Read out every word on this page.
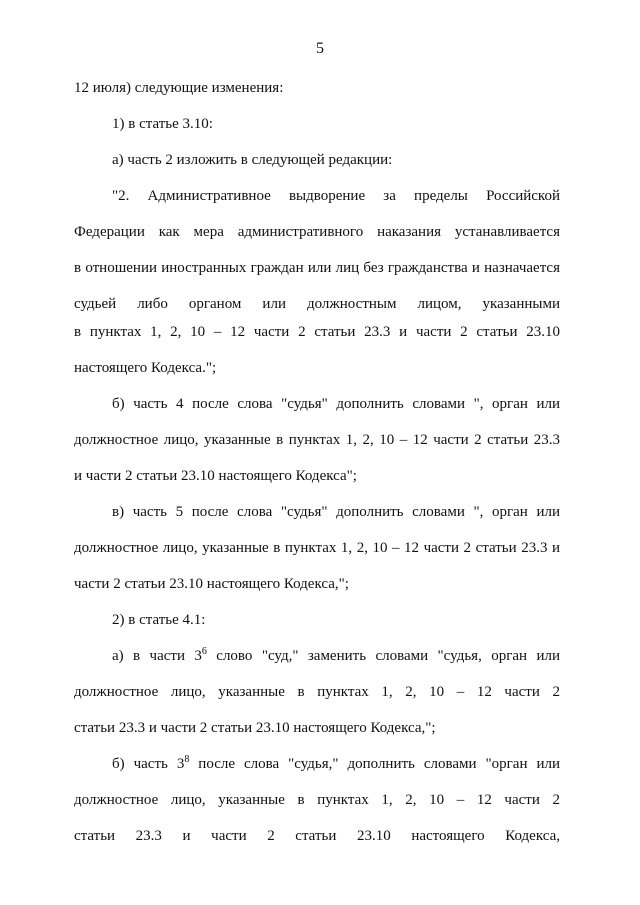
5
12 июля) следующие изменения:
1) в статье 3.10:
а) часть 2 изложить в следующей редакции:
"2. Административное выдворение за пределы Российской
Федерации как мера административного наказания устанавливается
в отношении иностранных граждан или лиц без гражданства и назначается
судьей либо органом или должностным лицом, указанными
в пунктах 1, 2, 10 – 12 части 2 статьи 23.3 и части 2 статьи 23.10
настоящего Кодекса.";
б) часть 4 после слова "судья" дополнить словами ", орган или
должностное лицо, указанные в пунктах 1, 2, 10 – 12 части 2 статьи 23.3
и части 2 статьи 23.10 настоящего Кодекса";
в) часть 5 после слова "судья" дополнить словами ", орган или
должностное лицо, указанные в пунктах 1, 2, 10 – 12 части 2 статьи 23.3 и
части 2 статьи 23.10 настоящего Кодекса,";
2) в статье 4.1:
а) в части $3^6$ слово "суд," заменить словами "судья, орган или
должностное лицо, указанные в пунктах 1, 2, 10 – 12 части 2
статьи 23.3 и части 2 статьи 23.10 настоящего Кодекса,";
б) часть $3^8$ после слова "судья," дополнить словами "орган или
должностное лицо, указанные в пунктах 1, 2, 10 – 12 части 2
статьи 23.3 и части 2 статьи 23.10 настоящего Кодекса,
